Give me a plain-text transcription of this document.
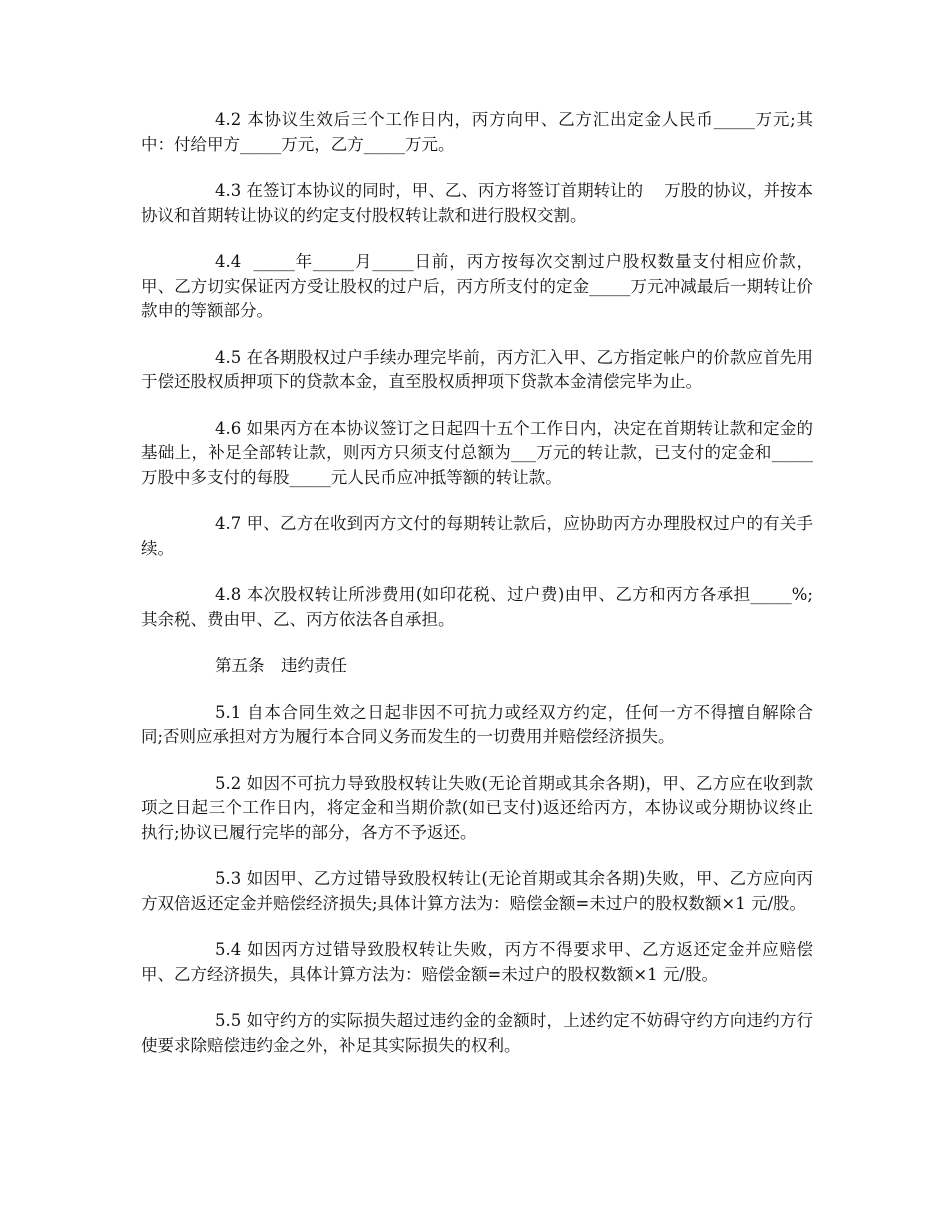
4.2 本协议生效后三个工作日内，丙方向甲、乙方汇出定金人民币_____万元;其中：付给甲方_____万元，乙方_____万元。

4.3 在签订本协议的同时，甲、乙、丙方将签订首期转让的    万股的协议，并按本协议和首期转让协议的约定支付股权转让款和进行股权交割。

4.4  _____年_____月_____日前，丙方按每次交割过户股权数量支付相应价款，甲、乙方切实保证丙方受让股权的过户后，丙方所支付的定金_____万元冲减最后一期转让价款申的等额部分。

4.5 在各期股权过户手续办理完毕前，丙方汇入甲、乙方指定帐户的价款应首先用于偿还股权质押项下的贷款本金，直至股权质押项下贷款本金清偿完毕为止。

4.6 如果丙方在本协议签订之日起四十五个工作日内，决定在首期转让款和定金的基础上，补足全部转让款，则丙方只须支付总额为___万元的转让款，已支付的定金和_____万股中多支付的每股_____元人民币应冲抵等额的转让款。

4.7 甲、乙方在收到丙方文付的每期转让款后，应协助丙方办理股权过户的有关手续。

4.8 本次股权转让所涉费用(如印花税、过户费)由甲、乙方和丙方各承担_____%;其余税、费由甲、乙、丙方依法各自承担。

第五条　违约责任

5.1 自本合同生效之日起非因不可抗力或经双方约定，任何一方不得擅自解除合同;否则应承担对方为履行本合同义务而发生的一切费用并赔偿经济损失。

5.2 如因不可抗力导致股权转让失败(无论首期或其余各期)，甲、乙方应在收到款项之日起三个工作日内，将定金和当期价款(如已支付)返还给丙方，本协议或分期协议终止执行;协议已履行完毕的部分，各方不予返还。

5.3 如因甲、乙方过错导致股权转让(无论首期或其余各期)失败，甲、乙方应向丙方双倍返还定金并赔偿经济损失;具体计算方法为：赔偿金额=未过户的股权数额×1 元/股。

5.4 如因丙方过错导致股权转让失败，丙方不得要求甲、乙方返还定金并应赔偿甲、乙方经济损失，具体计算方法为：赔偿金额=未过户的股权数额×1 元/股。

5.5 如守约方的实际损失超过违约金的金额时，上述约定不妨碍守约方向违约方行使要求除赔偿违约金之外，补足其实际损失的权利。
